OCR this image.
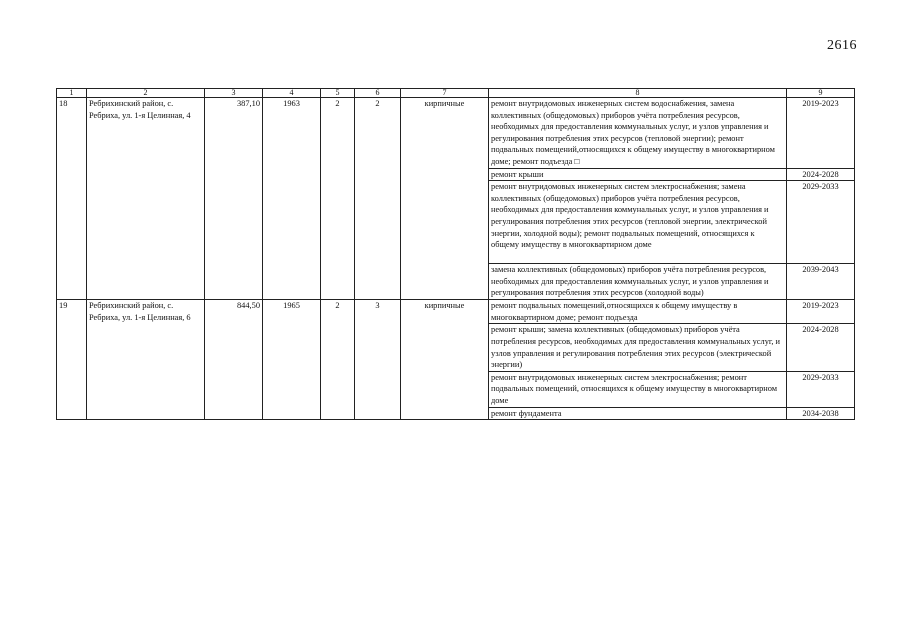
2616
1	2	3	4	5	6	7	8	9
18	Ребрихинский район, с. Ребриха, ул. 1-я Целинная, 4	387,10	1963	2	2	кирпичные	ремонт внутридомовых инженерных систем водоснабжения, замена коллективных (общедомовых) приборов учёта потребления ресурсов, необходимых для предоставления коммунальных услуг, и узлов управления и регулирования потребления этих ресурсов (тепловой энергии); ремонт подвальных помещений,относящихся к общему имуществу в многоквартирном доме; ремонт подъезда □	2019-2023
							ремонт крыши	2024-2028
							ремонт внутридомовых инженерных систем электроснабжения; замена коллективных (общедомовых) приборов учёта потребления ресурсов, необходимых для предоставления коммунальных услуг, и узлов управления и регулирования потребления этих ресурсов (тепловой энергии, электрической энергии, холодной воды); ремонт подвальных помещений, относящихся к общему имуществу в многоквартирном доме	2029-2033
							замена коллективных (общедомовых) приборов учёта потребления ресурсов, необходимых для предоставления коммунальных услуг, и узлов управления и регулирования потребления этих ресурсов (холодной воды)	2039-2043
19	Ребрихинский район, с. Ребриха, ул. 1-я Целинная, 6	844,50	1965	2	3	кирпичные	ремонт подвальных помещений,относящихся к общему имуществу в многоквартирном доме; ремонт подъезда	2019-2023
							ремонт крыши; замена коллективных (общедомовых) приборов учёта потребления ресурсов, необходимых для предоставления коммунальных услуг, и узлов управления и регулирования потребления этих ресурсов (электрической энергии)	2024-2028
							ремонт внутридомовых инженерных систем электроснабжения; ремонт подвальных помещений, относящихся к общему имуществу в многоквартирном доме	2029-2033
							ремонт фундамента	2034-2038
